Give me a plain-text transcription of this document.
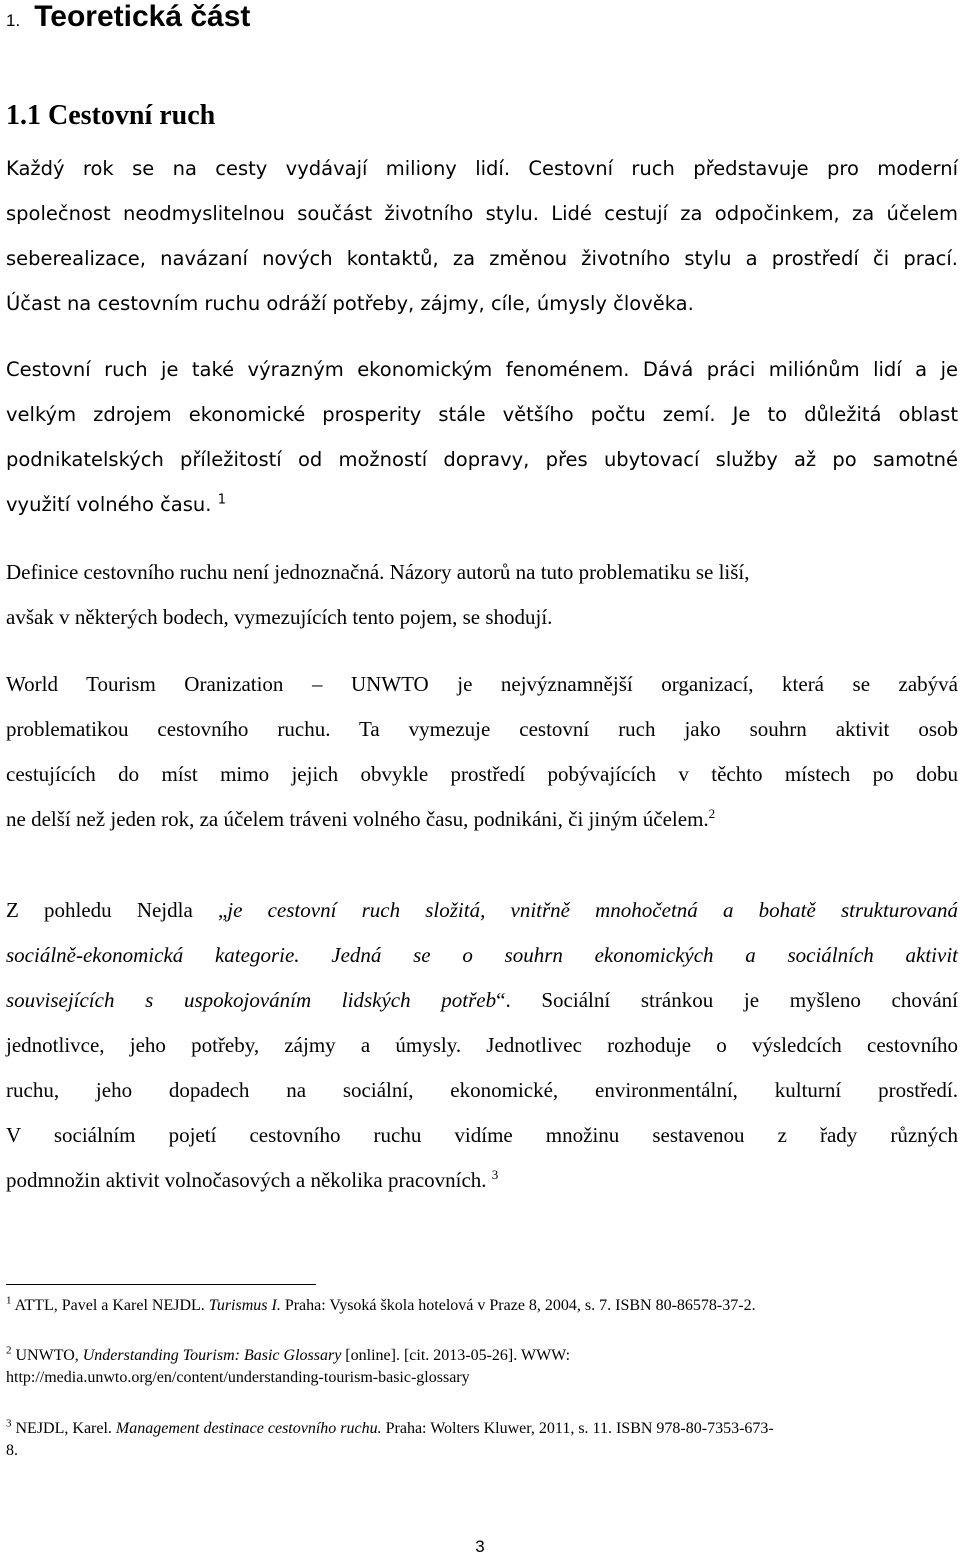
1. Teoretická část
1.1 Cestovní ruch
Každý rok se na cesty vydávají miliony lidí. Cestovní ruch představuje pro moderní
společnost neodmyslitelnou součást životního stylu. Lidé cestují za odpočinkem, za účelem
seberealizace, navázaní nových kontaktů, za změnou životního stylu a prostředí či prací.
Účast na cestovním ruchu odráží potřeby, zájmy, cíle, úmysly člověka.
Cestovní ruch je také výrazným ekonomickým fenoménem. Dává práci miliónům lidí a je
velkým zdrojem ekonomické prosperity stále většího počtu zemí. Je to důležitá oblast
podnikatelských příležitostí od možností dopravy, přes ubytovací služby až po samotné
využití volného času. $^1$
Definice cestovního ruchu není jednoznačná. Názory autorů na tuto problematiku se liší,
avšak v některých bodech, vymezujících tento pojem, se shodují.
World Tourism Oranization – UNWTO je nejvýznamnější organizací, která se zabývá
problematikou cestovního ruchu. Ta vymezuje cestovní ruch jako souhrn aktivit osob
cestujících do míst mimo jejich obvykle prostředí pobývajících v těchto místech po dobu
ne delší než jeden rok, za účelem tráveni volného času, podnikáni, či jiným účelem.$^2$
Z pohledu Nejdla „je cestovní ruch složitá, vnitřně mnohočetná a bohatě strukturovaná
sociálně-ekonomická kategorie. Jedná se o souhrn ekonomických a sociálních aktivit
souvisejících s uspokojováním lidských potřeb“. Sociální stránkou je myšleno chování
jednotlivce, jeho potřeby, zájmy a úmysly. Jednotlivec rozhoduje o výsledcích cestovního
ruchu, jeho dopadech na sociální, ekonomické, environmentální, kulturní prostředí.
V sociálním pojetí cestovního ruchu vidíme množinu sestavenou z řady různých
podmnožin aktivit volnočasových a několika pracovních. $^3$
$^1$ ATTL, Pavel a Karel NEJDL. Turismus I. Praha: Vysoká škola hotelová v Praze 8, 2004, s. 7. ISBN 80-86578-37-2.
$^2$ UNWTO, Understanding Tourism: Basic Glossary [online]. [cit. 2013-05-26]. WWW:
http://media.unwto.org/en/content/understanding-tourism-basic-glossary
$^3$ NEJDL, Karel. Management destinace cestovního ruchu. Praha: Wolters Kluwer, 2011, s. 11. ISBN 978-80-7353-673-
8.
3
